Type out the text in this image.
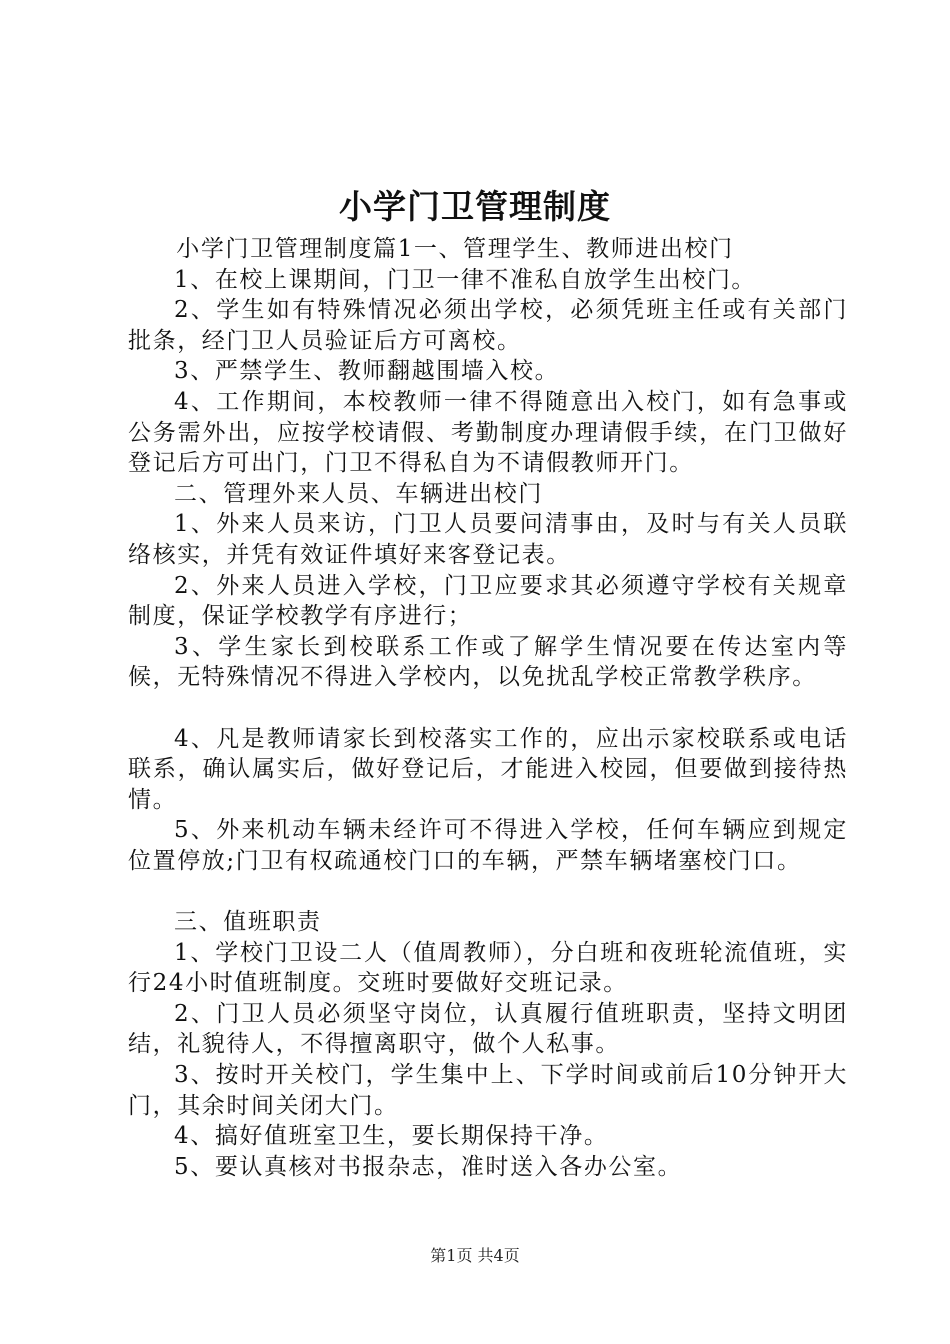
小学门卫管理制度

小学门卫管理制度篇1一、管理学生、教师进出校门

1、在校上课期间，门卫一律不准私自放学生出校门。

2、学生如有特殊情况必须出学校，必须凭班主任或有关部门批条，经门卫人员验证后方可离校。

3、严禁学生、教师翻越围墙入校。

4、工作期间，本校教师一律不得随意出入校门，如有急事或公务需外出，应按学校请假、考勤制度办理请假手续，在门卫做好登记后方可出门，门卫不得私自为不请假教师开门。

二、管理外来人员、车辆进出校门

1、外来人员来访，门卫人员要问清事由，及时与有关人员联络核实，并凭有效证件填好来客登记表。

2、外来人员进入学校，门卫应要求其必须遵守学校有关规章制度，保证学校教学有序进行；

3、学生家长到校联系工作或了解学生情况要在传达室内等候，无特殊情况不得进入学校内，以免扰乱学校正常教学秩序。

4、凡是教师请家长到校落实工作的，应出示家校联系或电话联系，确认属实后，做好登记后，才能进入校园，但要做到接待热情。

5、外来机动车辆未经许可不得进入学校，任何车辆应到规定位置停放;门卫有权疏通校门口的车辆，严禁车辆堵塞校门口。

三、值班职责

1、学校门卫设二人（值周教师），分白班和夜班轮流值班，实行24小时值班制度。交班时要做好交班记录。

2、门卫人员必须坚守岗位，认真履行值班职责，坚持文明团结，礼貌待人，不得擅离职守，做个人私事。

3、按时开关校门，学生集中上、下学时间或前后10分钟开大门，其余时间关闭大门。

4、搞好值班室卫生，要长期保持干净。

5、要认真核对书报杂志，准时送入各办公室。

第1页 共4页
